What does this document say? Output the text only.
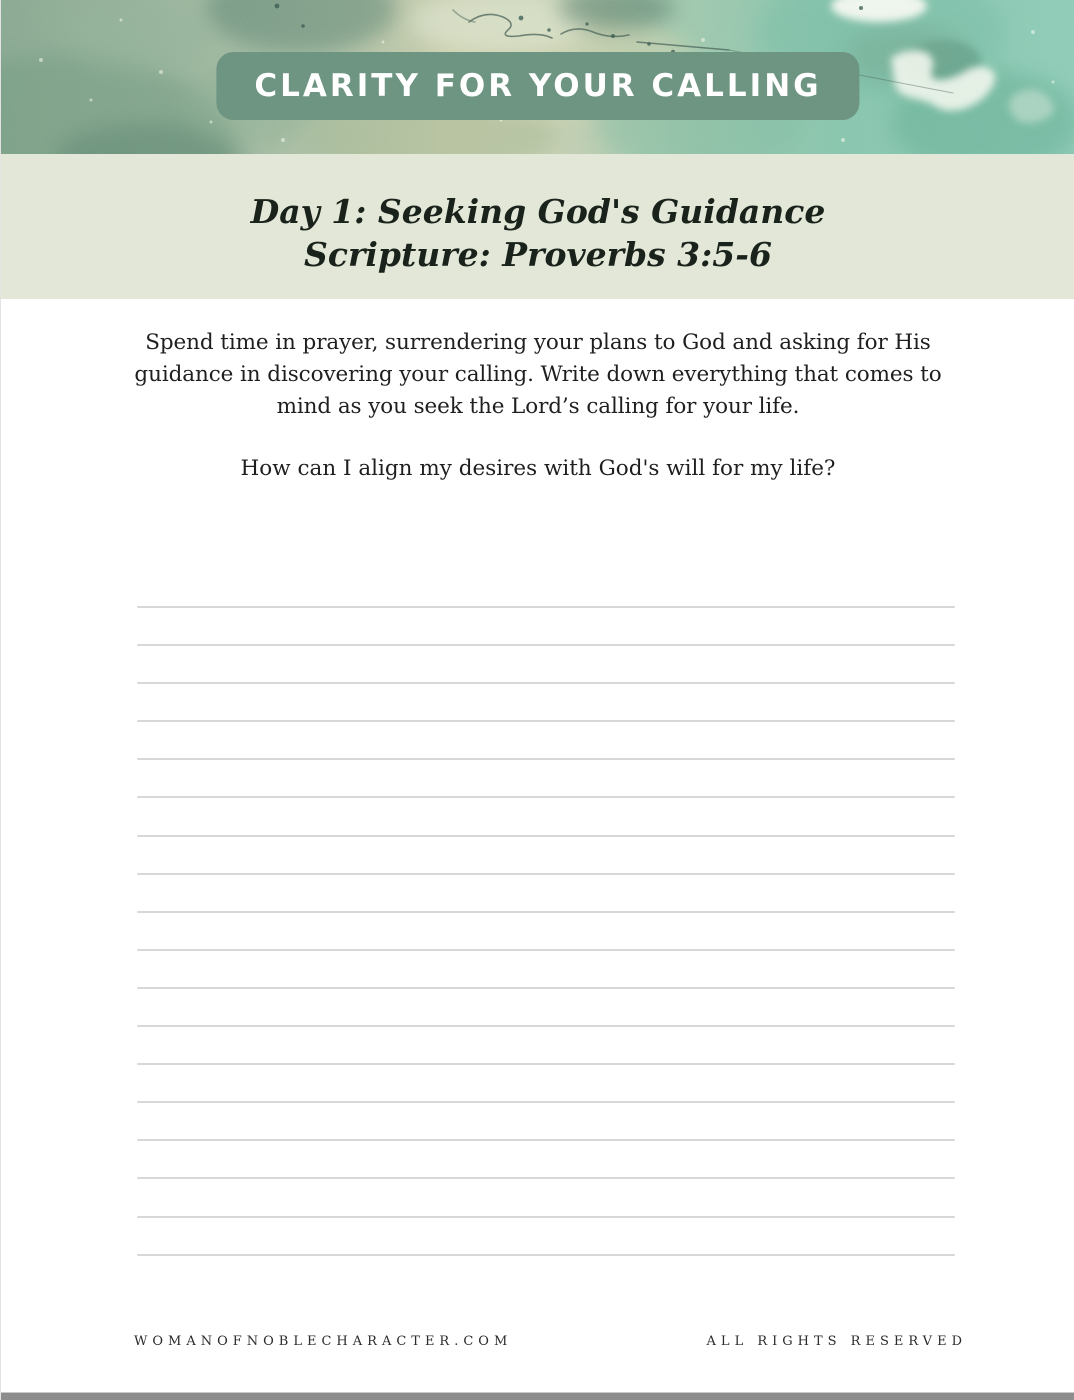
CLARITY FOR YOUR CALLING
Day 1: Seeking God's Guidance
Scripture: Proverbs 3:5-6
Spend time in prayer, surrendering your plans to God and asking for His
guidance in discovering your calling. Write down everything that comes to
mind as you seek the Lord’s calling for your life.
How can I align my desires with God's will for my life?
WOMANOFNOBLECHARACTER.COM	ALL RIGHTS RESERVED
